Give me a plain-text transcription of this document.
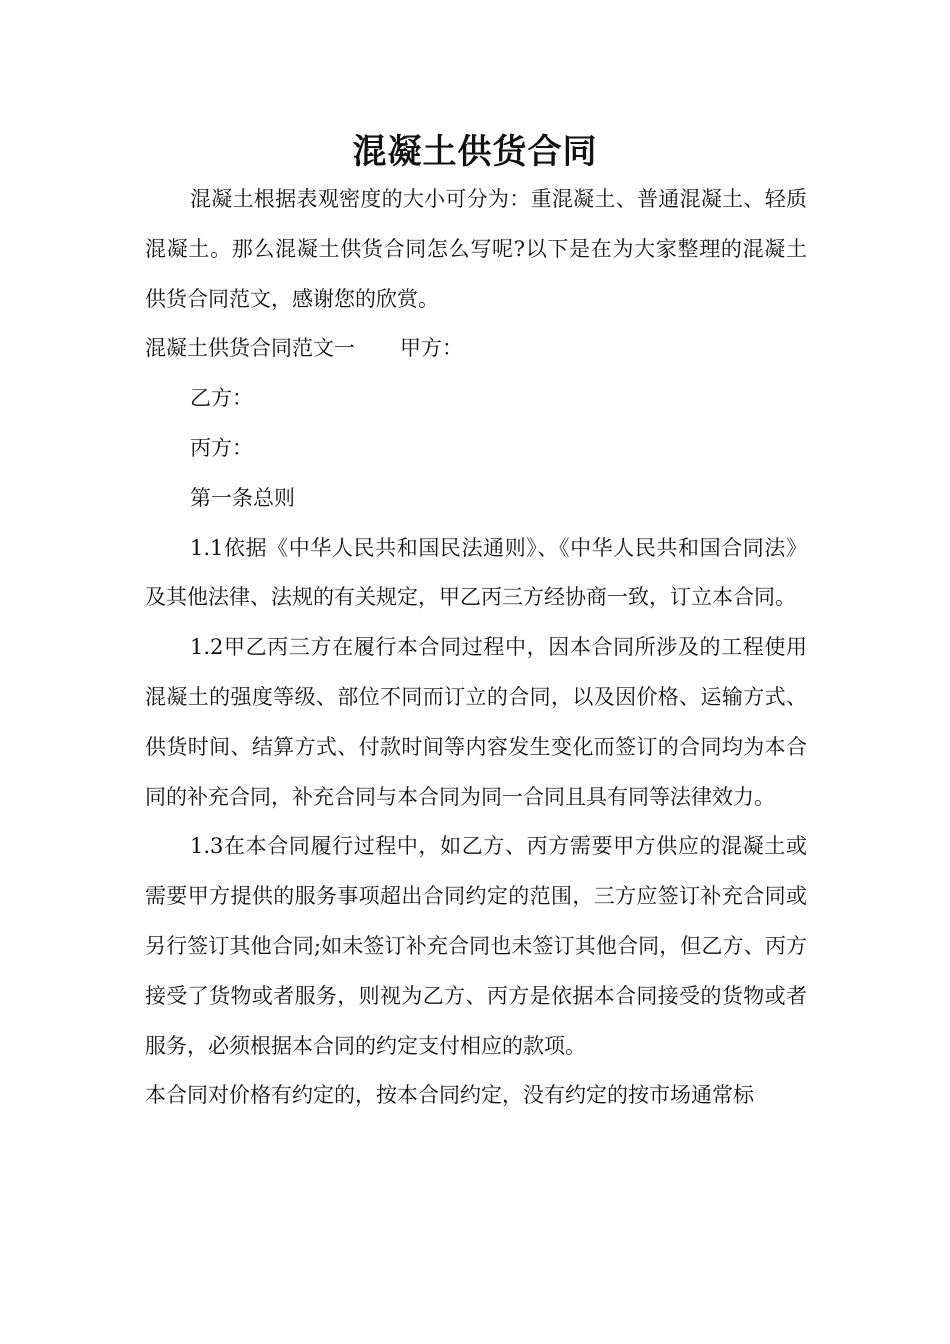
混凝土供货合同

混凝土根据表观密度的大小可分为：重混凝土、普通混凝土、轻质混凝土。那么混凝土供货合同怎么写呢?以下是在为大家整理的混凝土供货合同范文，感谢您的欣赏。

混凝土供货合同范文一 甲方：

乙方：

丙方：

第一条总则

1.1依据《中华人民共和国民法通则》、《中华人民共和国合同法》及其他法律、法规的有关规定，甲乙丙三方经协商一致，订立本合同。

1.2甲乙丙三方在履行本合同过程中，因本合同所涉及的工程使用混凝土的强度等级、部位不同而订立的合同，以及因价格、运输方式、供货时间、结算方式、付款时间等内容发生变化而签订的合同均为本合同的补充合同，补充合同与本合同为同一合同且具有同等法律效力。

1.3在本合同履行过程中，如乙方、丙方需要甲方供应的混凝土或需要甲方提供的服务事项超出合同约定的范围，三方应签订补充合同或另行签订其他合同;如未签订补充合同也未签订其他合同，但乙方、丙方接受了货物或者服务，则视为乙方、丙方是依据本合同接受的货物或者服务，必须根据本合同的约定支付相应的款项。

本合同对价格有约定的，按本合同约定，没有约定的按市场通常标
